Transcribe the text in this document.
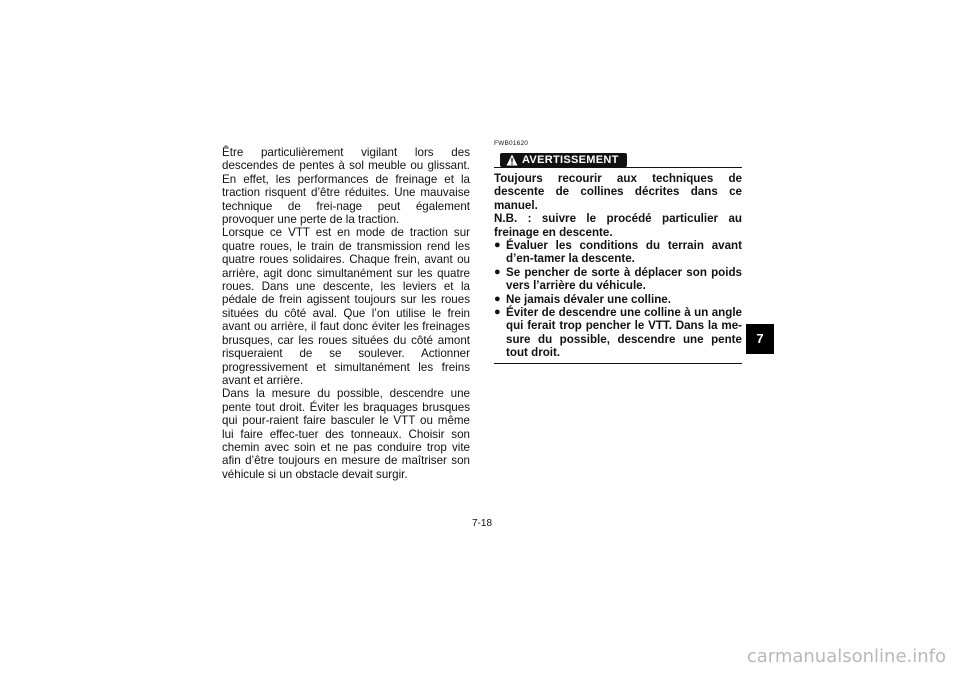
Être particulièrement vigilant lors des descendes de pentes à sol meuble ou glissant. En effet, les performances de freinage et la traction risquent d’être réduites. Une mauvaise technique de frei-nage peut également provoquer une perte de la traction.

Lorsque ce VTT est en mode de traction sur quatre roues, le train de transmission rend les quatre roues solidaires. Chaque frein, avant ou arrière, agit donc simultanément sur les quatre roues. Dans une descente, les leviers et la pédale de frein agissent toujours sur les roues situées du côté aval. Que l’on utilise le frein avant ou arrière, il faut donc éviter les freinages brusques, car les roues situées du côté amont risqueraient de se soulever. Actionner progressivement et simultanément les freins avant et arrière.

Dans la mesure du possible, descendre une pente tout droit. Éviter les braquages brusques qui pour-raient faire basculer le VTT ou même lui faire effec-tuer des tonneaux. Choisir son chemin avec soin et ne pas conduire trop vite afin d’être toujours en mesure de maîtriser son véhicule si un obstacle devait surgir.

FWB01620
AVERTISSEMENT

Toujours recourir aux techniques de descente de collines décrites dans ce manuel.

N.B. : suivre le procédé particulier au freinage en descente.

● Évaluer les conditions du terrain avant d’en-tamer la descente.
● Se pencher de sorte à déplacer son poids vers l’arrière du véhicule.
● Ne jamais dévaler une colline.
● Éviter de descendre une colline à un angle qui ferait trop pencher le VTT. Dans la me-sure du possible, descendre une pente tout droit.
7
7-18
carmanualsonline.info
